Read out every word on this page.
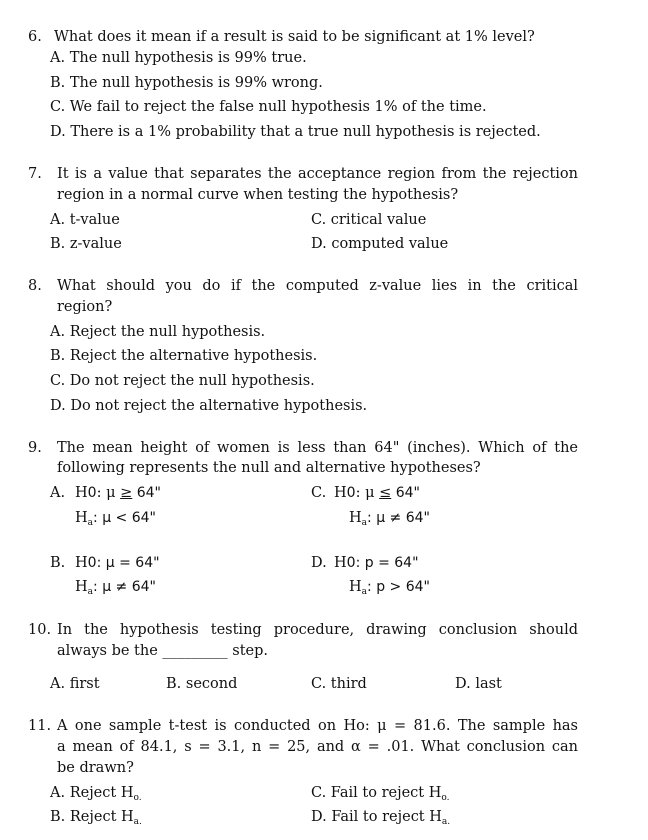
6. What does it mean if a result is said to be significant at 1% level?
A. The null hypothesis is 99% true.
B. The null hypothesis is 99% wrong.
C. We fail to reject the false null hypothesis 1% of the time.
D. There is a 1% probability that a true null hypothesis is rejected.
7. It is a value that separates the acceptance region from the rejection
region in a normal curve when testing the hypothesis?
A. t-value	C. critical value
B. z-value	D. computed value
8. What should you do if the computed z-value lies in the critical
region?
A. Reject the null hypothesis.
B. Reject the alternative hypothesis.
C. Do not reject the null hypothesis.
D. Do not reject the alternative hypothesis.
9. The mean height of women is less than 64" (inches). Which of the
following represents the null and alternative hypotheses?
A. H0: μ ≥ 64"
$H_a$: μ < 64"
C. H0: μ ≤ 64"
$H_a$: μ ≠ 64"
B. H0: μ = 64"
$H_a$: μ ≠ 64"
D. H0: p = 64"
$H_a$: p > 64"
10. In the hypothesis testing procedure, drawing conclusion should
always be the _________ step.
A. first	B. second	C. third	D. last
11. A one sample t-test is conducted on Ho: μ = 81.6. The sample has
a mean of 84.1, s = 3.1, n = 25, and α = .01. What conclusion can
be drawn?
A. Reject $H_{o.}$	C. Fail to reject $H_{o.}$
B. Reject $H_{a.}$	D. Fail to reject $H_{a.}$
